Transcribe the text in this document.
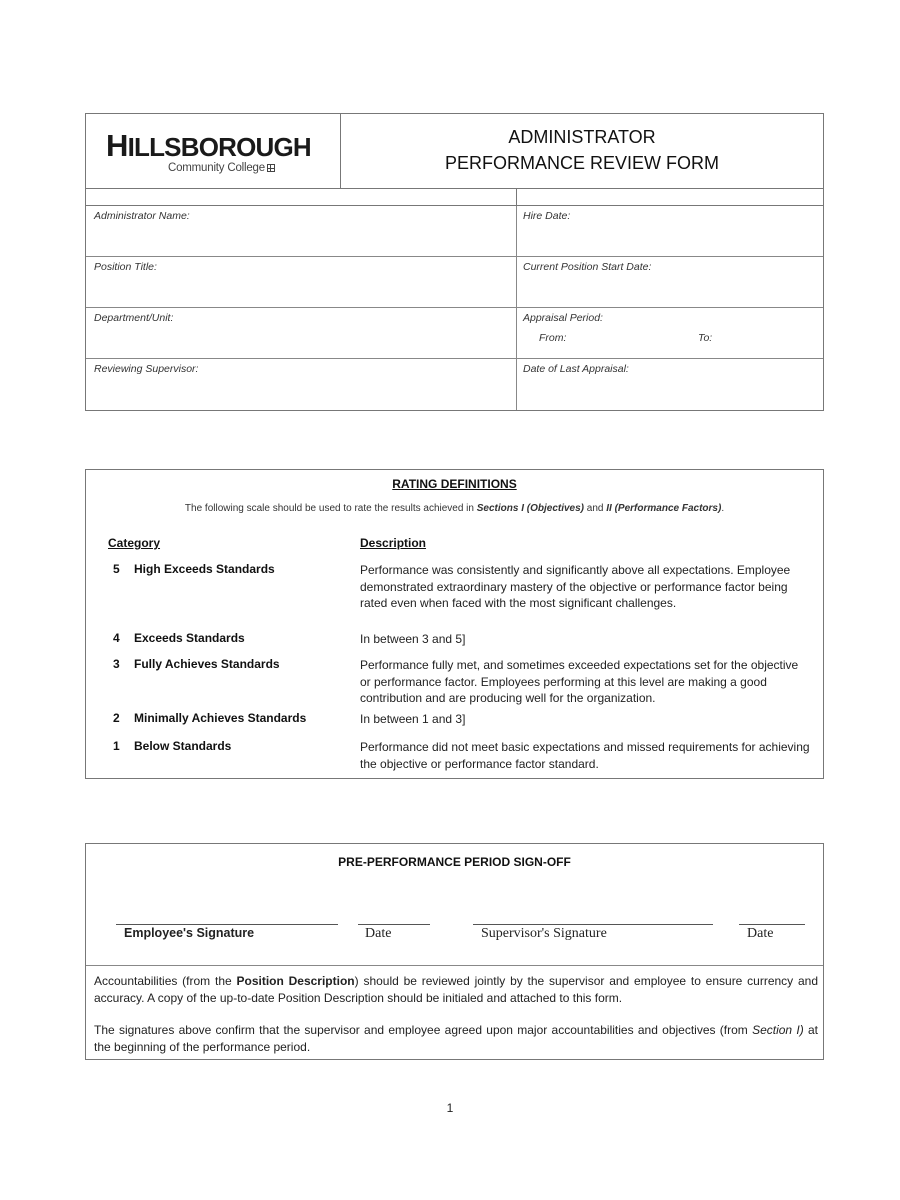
HILLSBOROUGH
Community College
ADMINISTRATOR
PERFORMANCE REVIEW FORM
Administrator Name:	Hire Date:
Position Title:	Current Position Start Date:
Department/Unit:	Appraisal Period:
From:	To:
Reviewing Supervisor:	Date of Last Appraisal:
RATING DEFINITIONS
The following scale should be used to rate the results achieved in Sections I (Objectives) and II (Performance Factors).
Category	Description
5 High Exceeds Standards	Performance was consistently and significantly above all expectations. Employee demonstrated extraordinary mastery of the objective or performance factor being rated even when faced with the most significant challenges.
4 Exceeds Standards	In between 3 and 5]
3 Fully Achieves Standards	Performance fully met, and sometimes exceeded expectations set for the objective or performance factor. Employees performing at this level are making a good contribution and are producing well for the organization.
2 Minimally Achieves Standards	In between 1 and 3]
1 Below Standards	Performance did not meet basic expectations and missed requirements for achieving the objective or performance factor standard.
PRE-PERFORMANCE PERIOD SIGN-OFF
Employee's Signature	Date	Supervisor's Signature	Date
Accountabilities (from the Position Description) should be reviewed jointly by the supervisor and employee to ensure currency and accuracy. A copy of the up-to-date Position Description should be initialed and attached to this form.
The signatures above confirm that the supervisor and employee agreed upon major accountabilities and objectives (from Section I) at the beginning of the performance period.
1
